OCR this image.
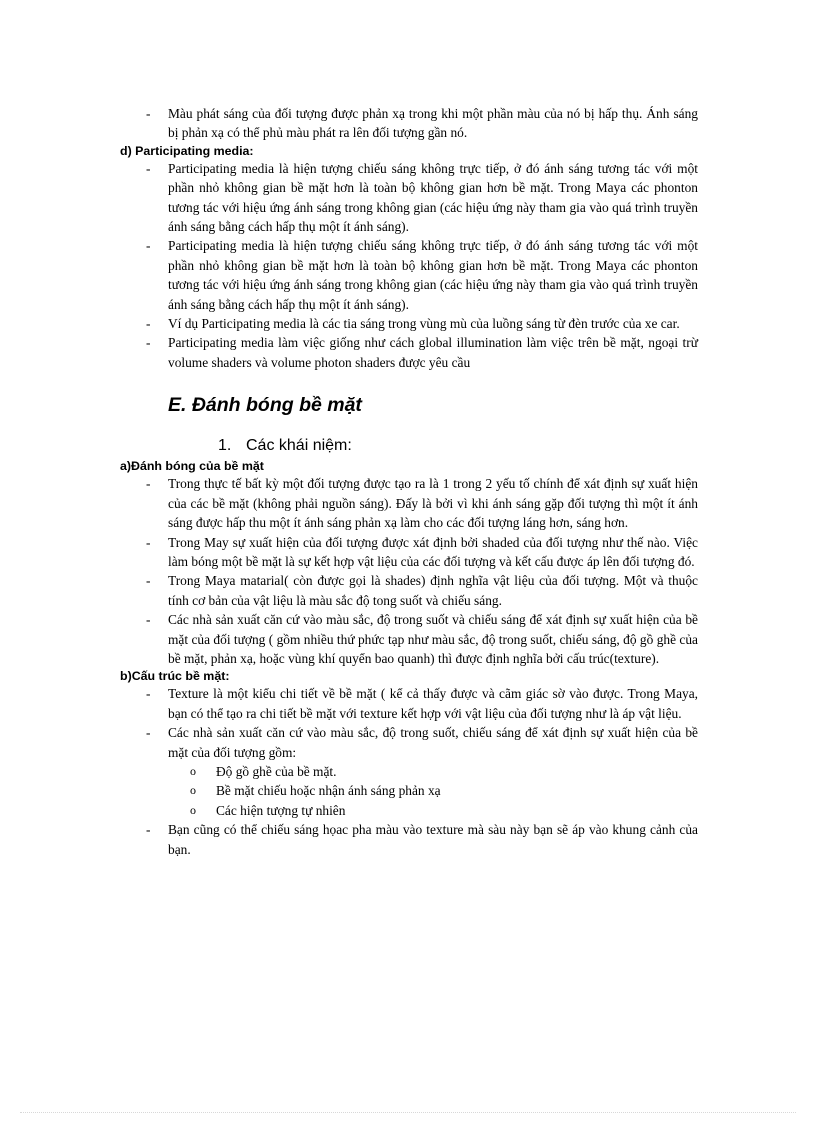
- Màu phát sáng của đối tượng được phản xạ trong khi một phần màu của nó bị hấp thụ. Ánh sáng bị phản xạ có thể phủ màu phát ra lên đối tượng gần nó.

d) Participating media:

- Participating media là hiện tượng chiếu sáng không trực tiếp, ở đó ánh sáng tương tác với một phần nhỏ không gian bề mặt hơn là toàn bộ không gian hơn bề mặt. Trong Maya các phonton tương tác với hiệu ứng ánh sáng trong không gian (các hiệu ứng này tham gia vào quá trình truyền ánh sáng bằng cách hấp thụ một ít ánh sáng).

- Participating media là hiện tượng chiếu sáng không trực tiếp, ở đó ánh sáng tương tác với một phần nhỏ không gian bề mặt hơn là toàn bộ không gian hơn bề mặt. Trong Maya các phonton tương tác với hiệu ứng ánh sáng trong không gian (các hiệu ứng này tham gia vào quá trình truyền ánh sáng bằng cách hấp thụ một ít ánh sáng).

- Ví dụ Participating media là các tia sáng trong vùng mù của luồng sáng từ đèn trước của xe car.

- Participating media làm việc giống như cách global illumination làm việc trên bề mặt, ngoại trừ volume shaders và volume photon shaders được yêu cầu

E. Đánh bóng bề mặt
1. Các khái niệm:

a)Đánh bóng của bề mặt

- Trong thực tế bất kỳ một đối tượng được tạo ra là 1 trong 2 yếu tố chính để xát định sự xuất hiện của các bề mặt (không phải nguồn sáng). Đấy là bởi vì khi ánh sáng gặp đối tượng thì một ít ánh sáng được hấp thu một ít ánh sáng phản xạ làm cho các đối tượng láng hơn, sáng hơn.

- Trong May sự xuất hiện của đối tượng được xát định bởi shaded của đối tượng như thế nào. Việc làm bóng một bề mặt là sự kết hợp vật liệu của các đối tượng và kết cấu được áp lên đối tượng đó.

- Trong Maya matarial( còn được gọi là shades) định nghĩa vật liệu của đối tượng. Một và thuộc tính cơ bản của vật liệu là màu sắc độ tong suốt và chiếu sáng.

- Các nhà sản xuất căn cứ vào màu sắc, độ trong suốt và chiếu sáng để xát định sự xuất hiện của bề mặt của đối tượng ( gồm nhiều thứ phức tạp như màu sắc, độ trong suốt, chiếu sáng, độ gồ ghề của bề mặt, phản xạ, hoặc vùng khí quyển bao quanh) thì được định nghĩa bởi cấu trúc(texture).

b)Cấu trúc bề mặt:

- Texture là một kiểu chi tiết về bề mặt ( kể cả thấy được và cãm giác sờ vào được. Trong Maya, bạn có thể tạo ra chi tiết bề mặt với texture kết hợp với vật liệu của đối tượng như là áp vật liệu.

- Các nhà sản xuất căn cứ vào màu sắc, độ trong suốt, chiếu sáng để xát định sự xuất hiện của bề mặt của đối tượng gồm:

o Độ gồ ghề của bề mặt.

o Bề mặt chiếu hoặc nhận ánh sáng phản xạ

o Các hiện tượng tự nhiên

- Bạn cũng có thể chiếu sáng họac pha màu vào texture mà sàu này bạn sẽ áp vào khung cảnh của bạn.
